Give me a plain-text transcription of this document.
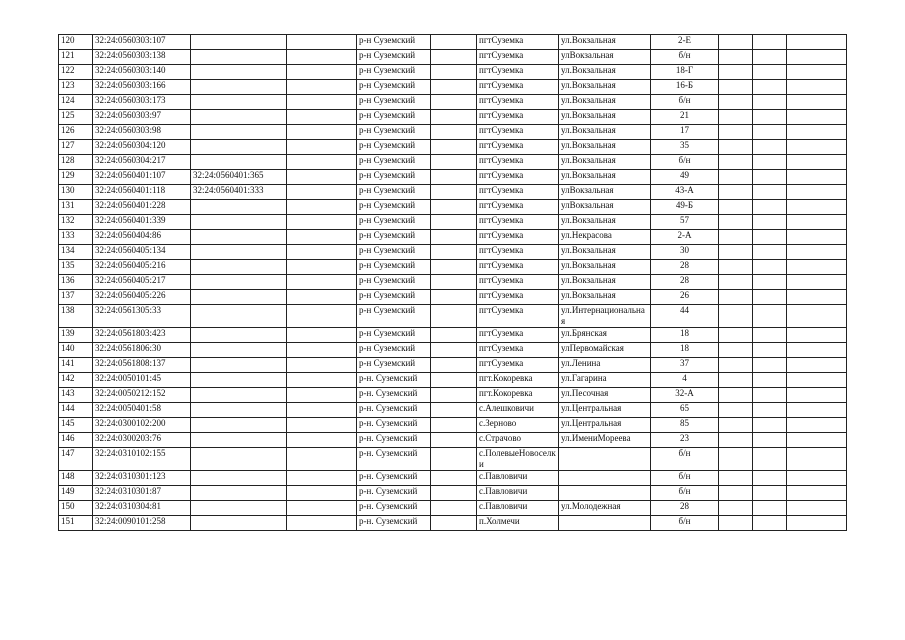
120	32:24:0560303:107			р-н Суземский		пгтСуземка	ул.Вокзальная	2-Е			
121	32:24:0560303:138			р-н Суземский		пгтСуземка	улВокзальная	б/н			
122	32:24:0560303:140			р-н Суземский		пгтСуземка	ул.Вокзальная	18-Г			
123	32:24:0560303:166			р-н Суземский		пгтСуземка	ул.Вокзальная	16-Б			
124	32:24:0560303:173			р-н Суземский		пгтСуземка	ул.Вокзальная	б/н			
125	32:24:0560303:97			р-н Суземский		пгтСуземка	ул.Вокзальная	21			
126	32:24:0560303:98			р-н Суземский		пгтСуземка	ул.Вокзальная	17			
127	32:24:0560304:120			р-н Суземский		пгтСуземка	ул.Вокзальная	35			
128	32:24:0560304:217			р-н Суземский		пгтСуземка	ул.Вокзальная	б/н			
129	32:24:0560401:107	32:24:0560401:365		р-н Суземский		пгтСуземка	ул.Вокзальная	49			
130	32:24:0560401:118	32:24:0560401:333		р-н Суземский		пгтСуземка	улВокзальная	43-А			
131	32:24:0560401:228			р-н Суземский		пгтСуземка	улВокзальная	49-Б			
132	32:24:0560401:339			р-н Суземский		пгтСуземка	ул.Вокзальная	57			
133	32:24:0560404:86			р-н Суземский		пгтСуземка	ул.Некрасова	2-А			
134	32:24:0560405:134			р-н Суземский		пгтСуземка	ул.Вокзальная	30			
135	32:24:0560405:216			р-н Суземский		пгтСуземка	ул.Вокзальная	28			
136	32:24:0560405:217			р-н Суземский		пгтСуземка	ул.Вокзальная	28			
137	32:24:0560405:226			р-н Суземский		пгтСуземка	ул.Вокзальная	26			
138	32:24:0561305:33			р-н Суземский		пгтСуземка	ул.Интернациональная	44			
139	32:24:0561803:423			р-н Суземский		пгтСуземка	ул.Брянская	18			
140	32:24:0561806:30			р-н Суземский		пгтСуземка	улПервомайская	18			
141	32:24:0561808:137			р-н Суземский		пгтСуземка	ул.Ленина	37			
142	32:24:0050101:45			р-н. Суземский		пгт.Кокоревка	ул.Гагарина	4			
143	32:24:0050212:152			р-н. Суземский		пгт.Кокоревка	ул.Песочная	32-А			
144	32:24:0050401:58			р-н. Суземский		с.Алешковичи	ул.Центральная	65			
145	32:24:0300102:200			р-н. Суземский		с.Зерново	ул.Центральная	85			
146	32:24:0300203:76			р-н. Суземский		с.Страчово	ул.ИмениМореева	23			
147	32:24:0310102:155			р-н. Суземский		с.ПолевыеНовоселки		б/н			
148	32:24:0310301:123			р-н. Суземский		с.Павловичи		б/н			
149	32:24:0310301:87			р-н. Суземский		с.Павловичи		б/н			
150	32:24:0310304:81			р-н. Суземский		с.Павловичи	ул.Молодежная	28			
151	32:24:0090101:258			р-н. Суземский		п.Холмечи		б/н			
